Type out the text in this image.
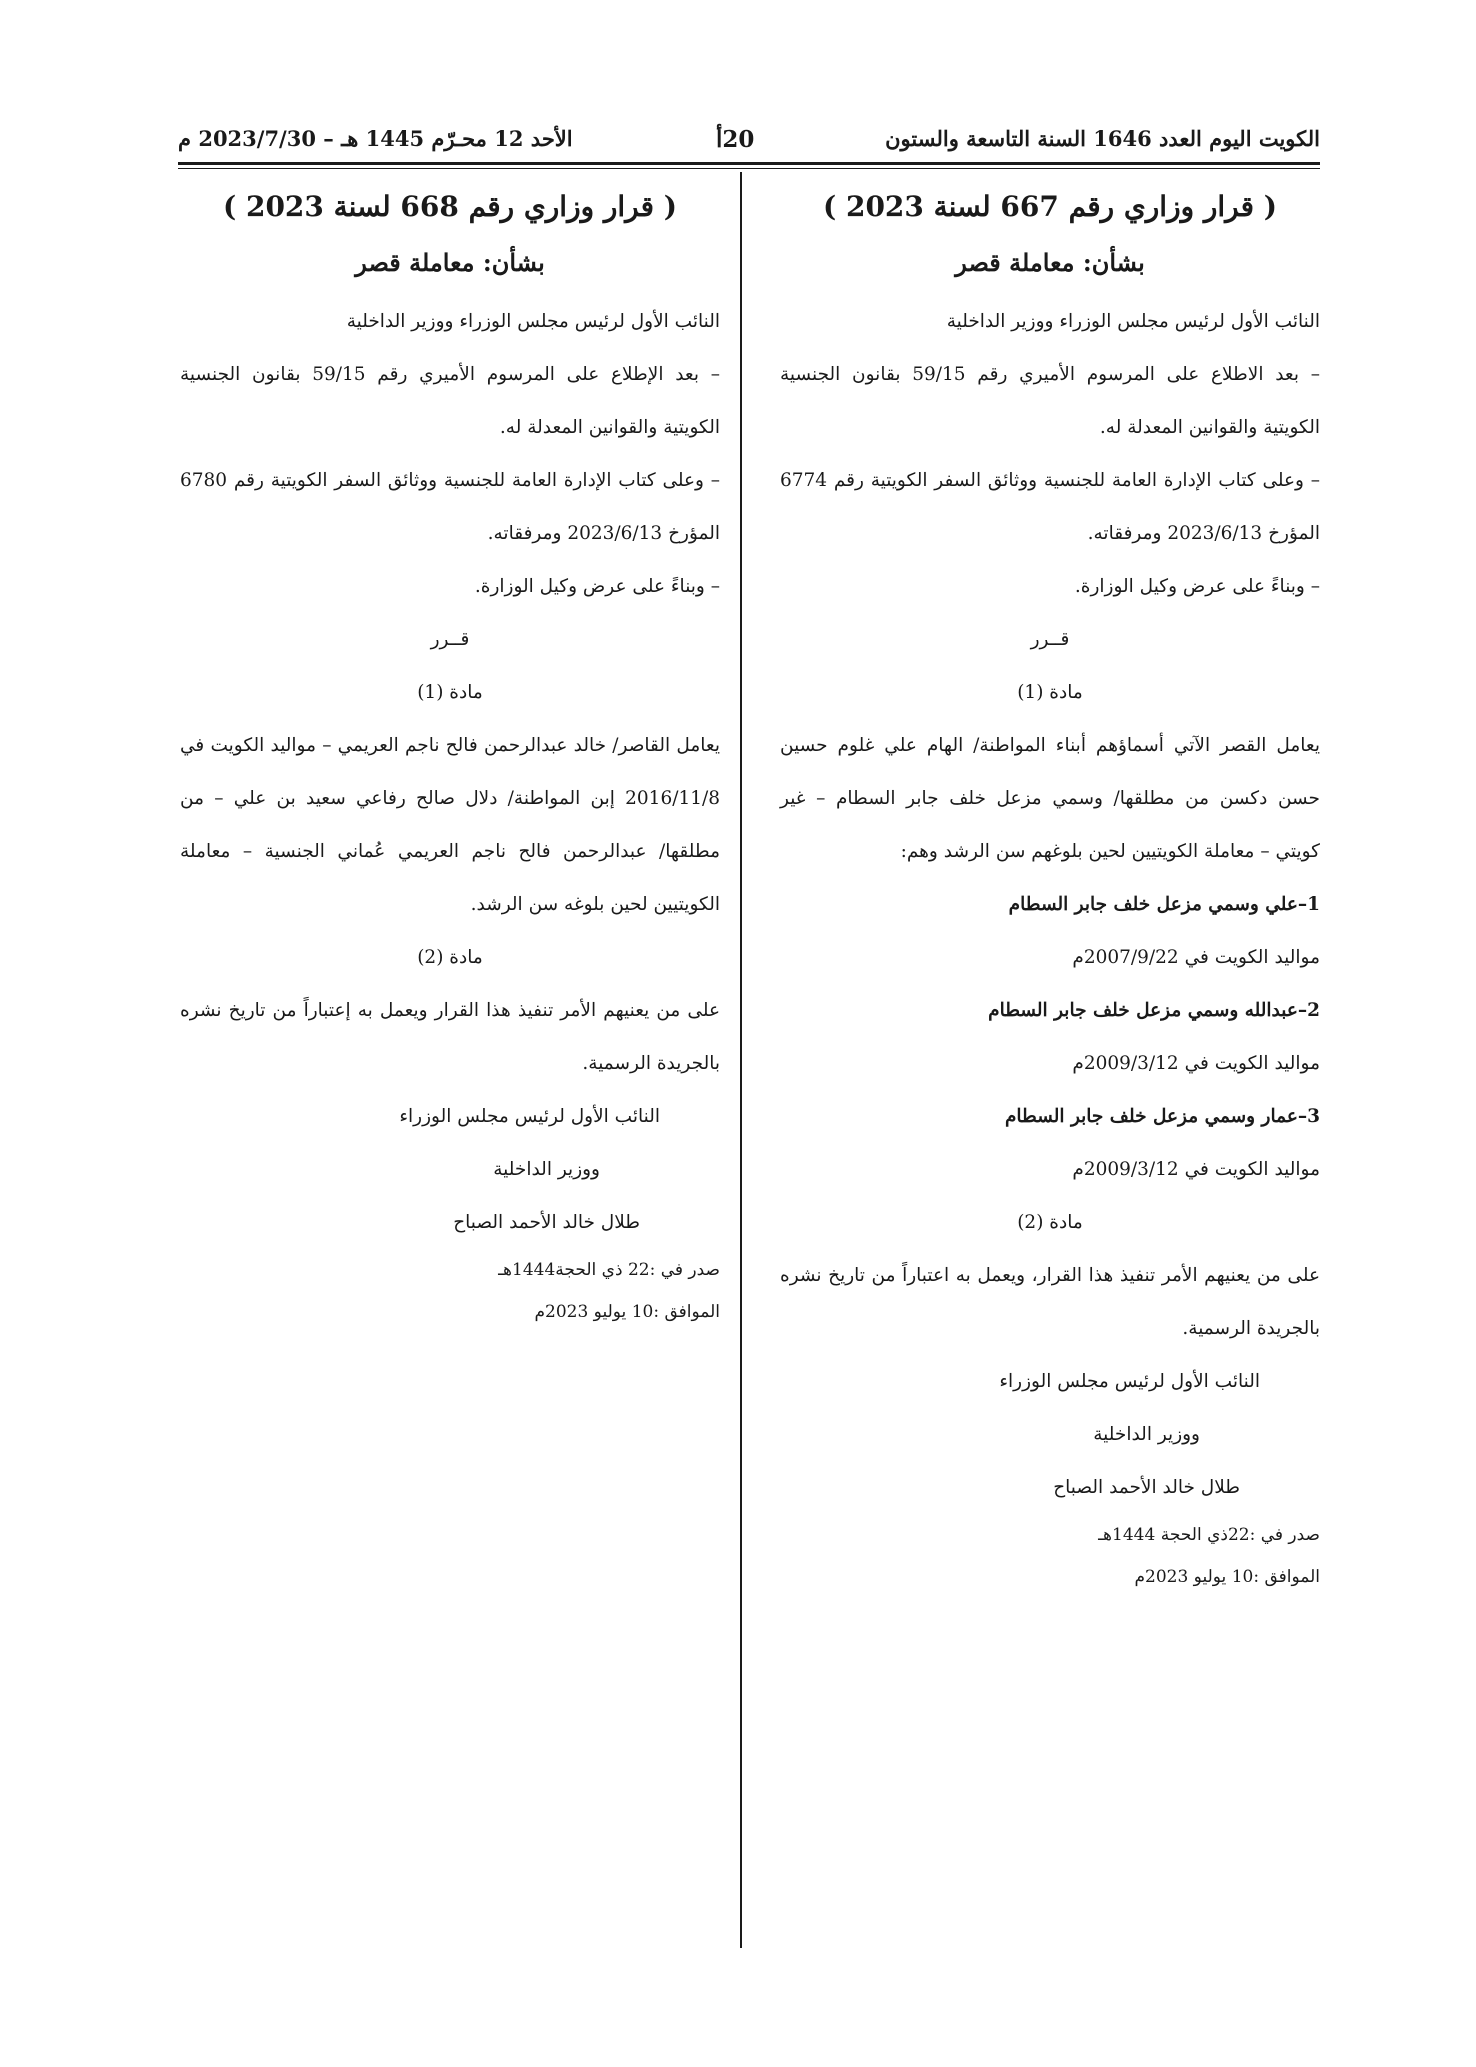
الكويت اليوم العدد 1646 السنة التاسعة والستون
20أ
الأحد 12 محـرّم 1445 هـ – 2023/7/30 م
( قرار وزاري رقم 667 لسنة 2023 )
بشأن: معاملة قصر

النائب الأول لرئيس مجلس الوزراء ووزير الداخلية

– بعد الاطلاع على المرسوم الأميري رقم 59/15 بقانون الجنسية الكويتية والقوانين المعدلة له.

– وعلى كتاب الإدارة العامة للجنسية ووثائق السفر الكويتية رقم 6774 المؤرخ 2023/6/13 ومرفقاته.

– وبناءً على عرض وكيل الوزارة.

قــرر

مادة (1)

يعامل القصر الآتي أسماؤهم أبناء المواطنة/ الهام علي غلوم حسين حسن دكسن من مطلقها/ وسمي مزعل خلف جابر السطام – غير كويتي – معاملة الكويتيين لحين بلوغهم سن الرشد وهم:

1–علي وسمي مزعل خلف جابر السطام

مواليد الكويت في 2007/9/22م

2–عبدالله وسمي مزعل خلف جابر السطام

مواليد الكويت في 2009/3/12م

3–عمار وسمي مزعل خلف جابر السطام

مواليد الكويت في 2009/3/12م

مادة (2)

على من يعنيهم الأمر تنفيذ هذا القرار، ويعمل به اعتباراً من تاريخ نشره بالجريدة الرسمية.

النائب الأول لرئيس مجلس الوزراء

ووزير الداخلية

طلال خالد الأحمد الصباح

صدر في :22ذي الحجة 1444هـ

الموافق :10 يوليو 2023م

( قرار وزاري رقم 668 لسنة 2023 )
بشأن: معاملة قصر

النائب الأول لرئيس مجلس الوزراء ووزير الداخلية

– بعد الإطلاع على المرسوم الأميري رقم 59/15 بقانون الجنسية الكويتية والقوانين المعدلة له.

– وعلى كتاب الإدارة العامة للجنسية ووثائق السفر الكويتية رقم 6780 المؤرخ 2023/6/13 ومرفقاته.

– وبناءً على عرض وكيل الوزارة.

قــرر

مادة (1)

يعامل القاصر/ خالد عبدالرحمن فالح ناجم العريمي – مواليد الكويت في 2016/11/8 إبن المواطنة/ دلال صالح رفاعي سعيد بن علي – من مطلقها/ عبدالرحمن فالح ناجم العريمي عُماني الجنسية – معاملة الكويتيين لحين بلوغه سن الرشد.

مادة (2)

على من يعنيهم الأمر تنفيذ هذا القرار ويعمل به إعتباراً من تاريخ نشره بالجريدة الرسمية.

النائب الأول لرئيس مجلس الوزراء

ووزير الداخلية

طلال خالد الأحمد الصباح

صدر في :22 ذي الحجة1444هـ

الموافق :10 يوليو 2023م
